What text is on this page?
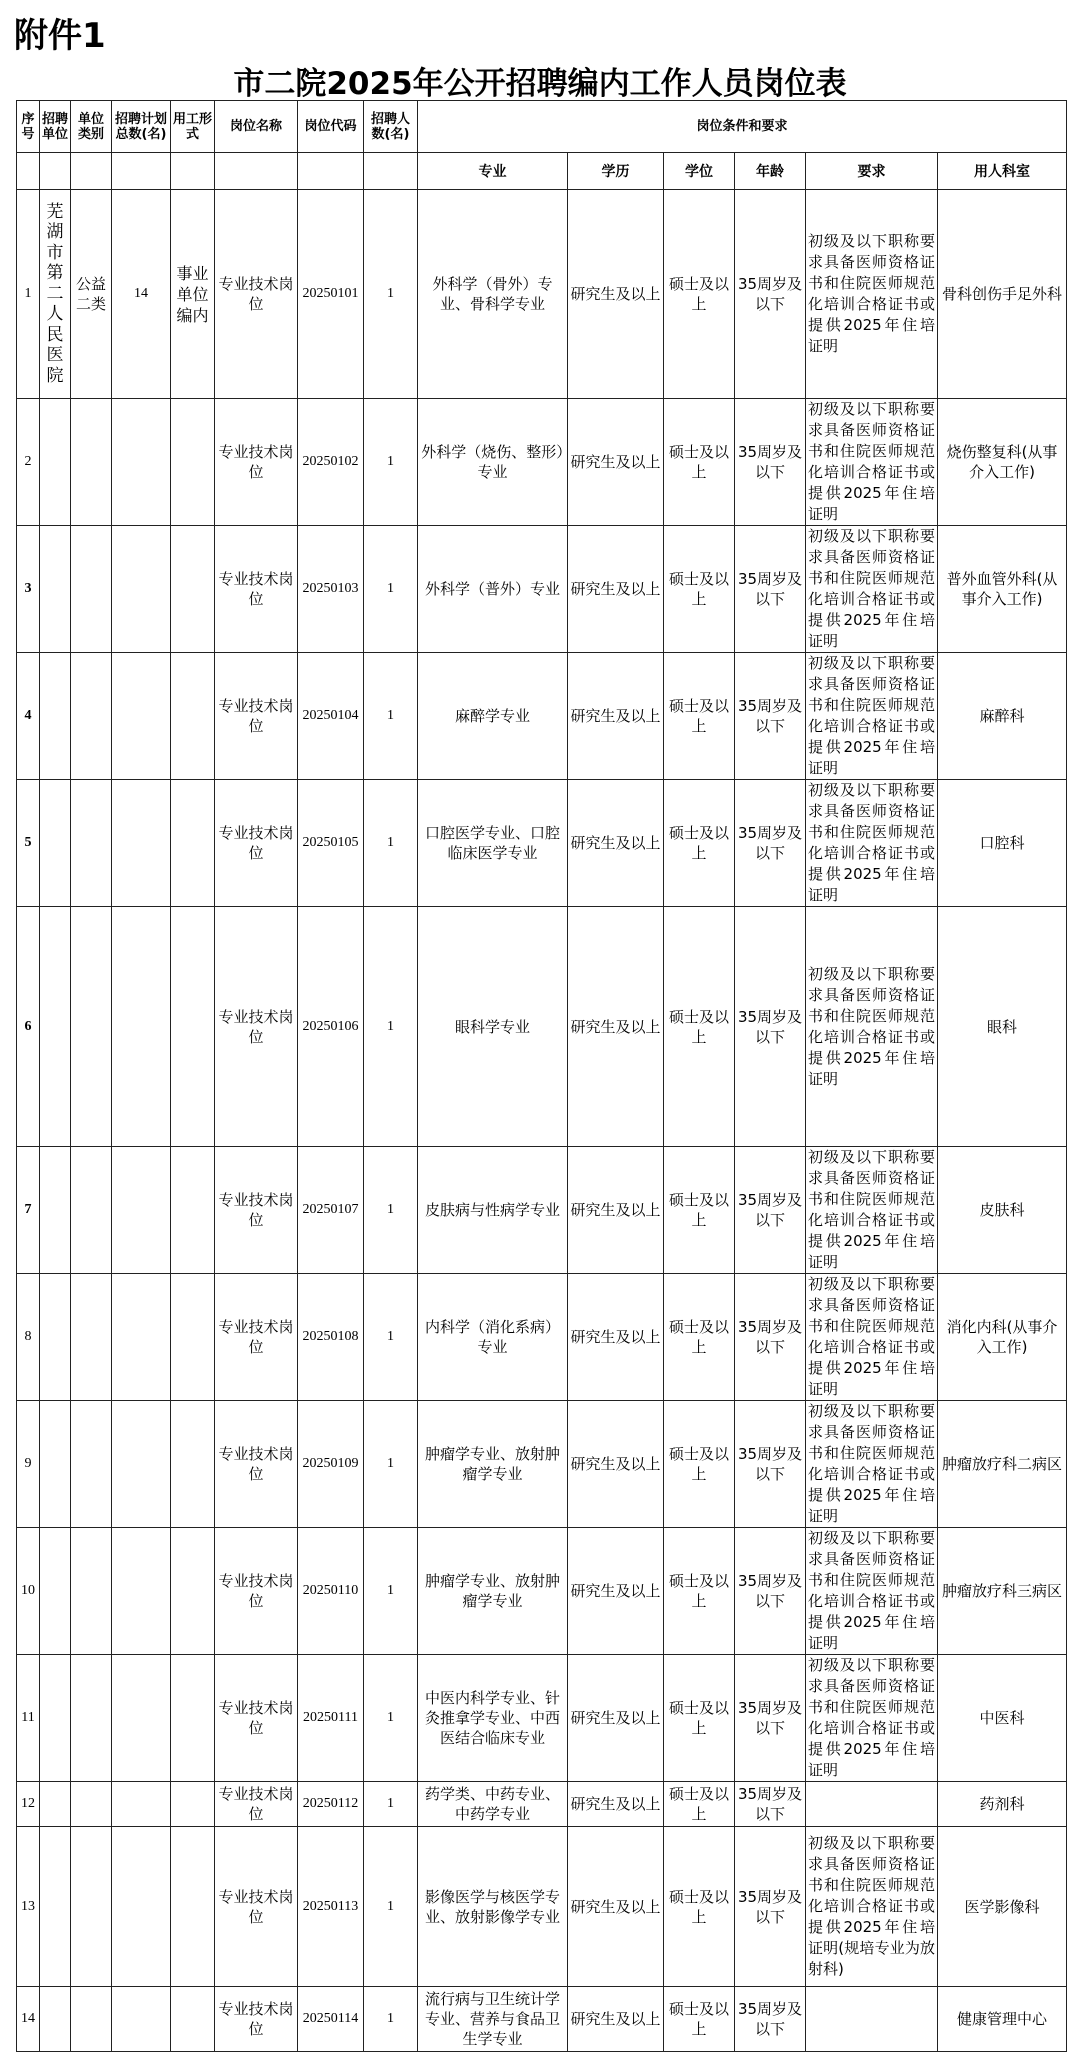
附件1
市二院2025年公开招聘编内工作人员岗位表
序号	招聘单位	单位类别	招聘计划总数(名)	用工形式	岗位名称	岗位代码	招聘人数(名)	岗位条件和要求					
								专业	学历	学位	年龄	要求	用人科室
1	芜湖市第二人民医院	公益二类	14	事业单位编内	专业技术岗位	20250101	1	外科学（骨外）专业、骨科学专业	研究生及以上	硕士及以上	35周岁及以下	初级及以下职称要求具备医师资格证书和住院医师规范化培训合格证书或提供2025年住培证明	骨科创伤手足外科
2					专业技术岗位	20250102	1	外科学（烧伤、整形）专业	研究生及以上	硕士及以上	35周岁及以下	初级及以下职称要求具备医师资格证书和住院医师规范化培训合格证书或提供2025年住培证明	烧伤整复科(从事介入工作)
3					专业技术岗位	20250103	1	外科学（普外）专业	研究生及以上	硕士及以上	35周岁及以下	初级及以下职称要求具备医师资格证书和住院医师规范化培训合格证书或提供2025年住培证明	普外血管外科(从事介入工作)
4					专业技术岗位	20250104	1	麻醉学专业	研究生及以上	硕士及以上	35周岁及以下	初级及以下职称要求具备医师资格证书和住院医师规范化培训合格证书或提供2025年住培证明	麻醉科
5					专业技术岗位	20250105	1	口腔医学专业、口腔临床医学专业	研究生及以上	硕士及以上	35周岁及以下	初级及以下职称要求具备医师资格证书和住院医师规范化培训合格证书或提供2025年住培证明	口腔科
6					专业技术岗位	20250106	1	眼科学专业	研究生及以上	硕士及以上	35周岁及以下	初级及以下职称要求具备医师资格证书和住院医师规范化培训合格证书或提供2025年住培证明	眼科
7					专业技术岗位	20250107	1	皮肤病与性病学专业	研究生及以上	硕士及以上	35周岁及以下	初级及以下职称要求具备医师资格证书和住院医师规范化培训合格证书或提供2025年住培证明	皮肤科
8					专业技术岗位	20250108	1	内科学（消化系病）专业	研究生及以上	硕士及以上	35周岁及以下	初级及以下职称要求具备医师资格证书和住院医师规范化培训合格证书或提供2025年住培证明	消化内科(从事介入工作)
9					专业技术岗位	20250109	1	肿瘤学专业、放射肿瘤学专业	研究生及以上	硕士及以上	35周岁及以下	初级及以下职称要求具备医师资格证书和住院医师规范化培训合格证书或提供2025年住培证明	肿瘤放疗科二病区
10					专业技术岗位	20250110	1	肿瘤学专业、放射肿瘤学专业	研究生及以上	硕士及以上	35周岁及以下	初级及以下职称要求具备医师资格证书和住院医师规范化培训合格证书或提供2025年住培证明	肿瘤放疗科三病区
11					专业技术岗位	20250111	1	中医内科学专业、针灸推拿学专业、中西医结合临床专业	研究生及以上	硕士及以上	35周岁及以下	初级及以下职称要求具备医师资格证书和住院医师规范化培训合格证书或提供2025年住培证明	中医科
12					专业技术岗位	20250112	1	药学类、中药专业、中药学专业	研究生及以上	硕士及以上	35周岁及以下		药剂科
13					专业技术岗位	20250113	1	影像医学与核医学专业、放射影像学专业	研究生及以上	硕士及以上	35周岁及以下	初级及以下职称要求具备医师资格证书和住院医师规范化培训合格证书或提供2025年住培证明(规培专业为放射科)	医学影像科
14					专业技术岗位	20250114	1	流行病与卫生统计学专业、营养与食品卫生学专业	研究生及以上	硕士及以上	35周岁及以下		健康管理中心
